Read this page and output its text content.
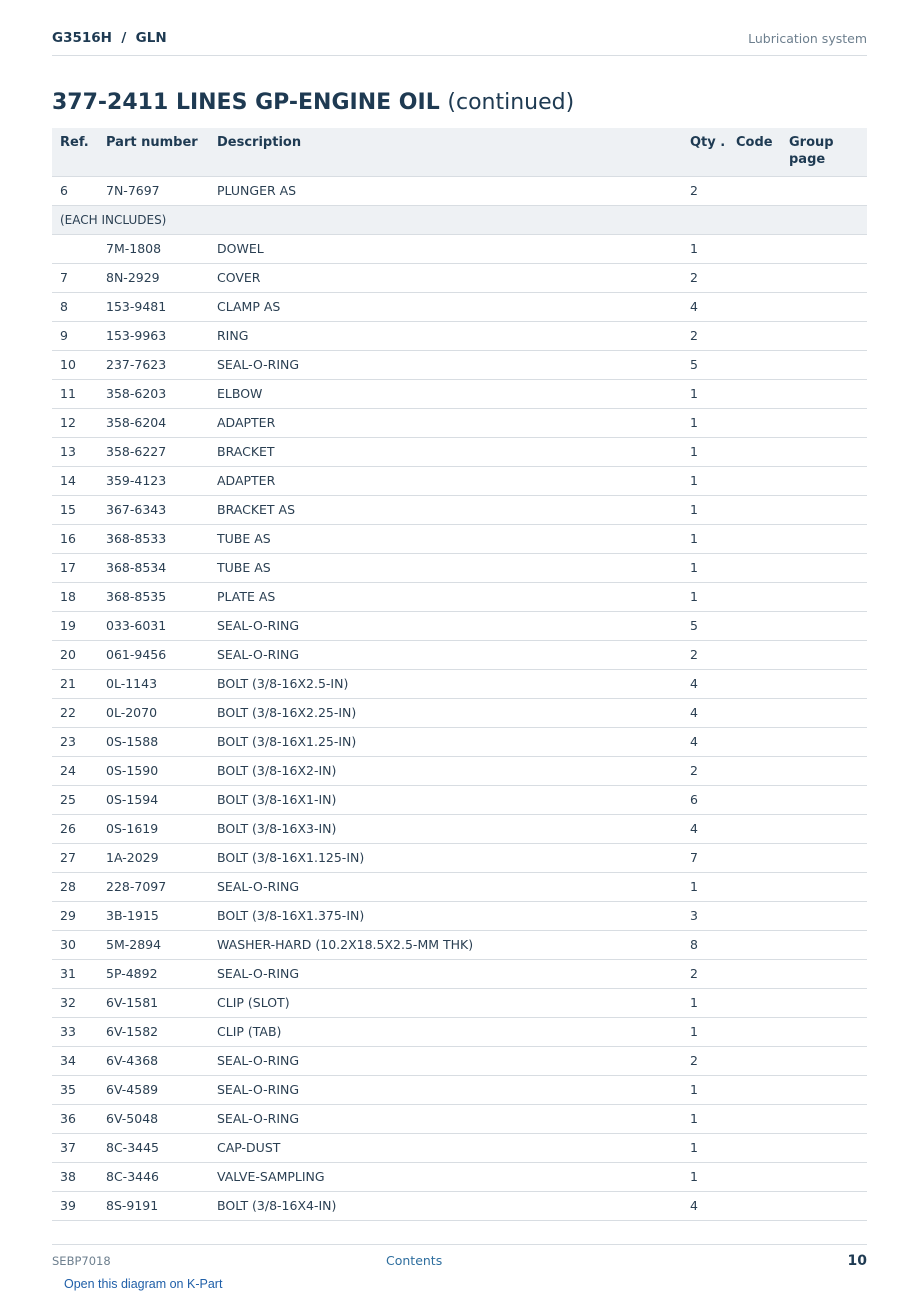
G3516H  /  GLN	Lubrication system
377-2411 LINES GP-ENGINE OIL (continued)
Ref.	Part number	Description	Qty .	Code	Group page
6	7N-7697	PLUNGER AS	2		
(EACH INCLUDES)					
	7M-1808	DOWEL	1		
7	8N-2929	COVER	2		
8	153-9481	CLAMP AS	4		
9	153-9963	RING	2		
10	237-7623	SEAL-O-RING	5		
11	358-6203	ELBOW	1		
12	358-6204	ADAPTER	1		
13	358-6227	BRACKET	1		
14	359-4123	ADAPTER	1		
15	367-6343	BRACKET AS	1		
16	368-8533	TUBE AS	1		
17	368-8534	TUBE AS	1		
18	368-8535	PLATE AS	1		
19	033-6031	SEAL-O-RING	5		
20	061-9456	SEAL-O-RING	2		
21	0L-1143	BOLT (3/8-16X2.5-IN)	4		
22	0L-2070	BOLT (3/8-16X2.25-IN)	4		
23	0S-1588	BOLT (3/8-16X1.25-IN)	4		
24	0S-1590	BOLT (3/8-16X2-IN)	2		
25	0S-1594	BOLT (3/8-16X1-IN)	6		
26	0S-1619	BOLT (3/8-16X3-IN)	4		
27	1A-2029	BOLT (3/8-16X1.125-IN)	7		
28	228-7097	SEAL-O-RING	1		
29	3B-1915	BOLT (3/8-16X1.375-IN)	3		
30	5M-2894	WASHER-HARD (10.2X18.5X2.5-MM THK)	8		
31	5P-4892	SEAL-O-RING	2		
32	6V-1581	CLIP (SLOT)	1		
33	6V-1582	CLIP (TAB)	1		
34	6V-4368	SEAL-O-RING	2		
35	6V-4589	SEAL-O-RING	1		
36	6V-5048	SEAL-O-RING	1		
37	8C-3445	CAP-DUST	1		
38	8C-3446	VALVE-SAMPLING	1		
39	8S-9191	BOLT (3/8-16X4-IN)	4		
SEBP7018	Contents	10
Open this diagram on K-Part
